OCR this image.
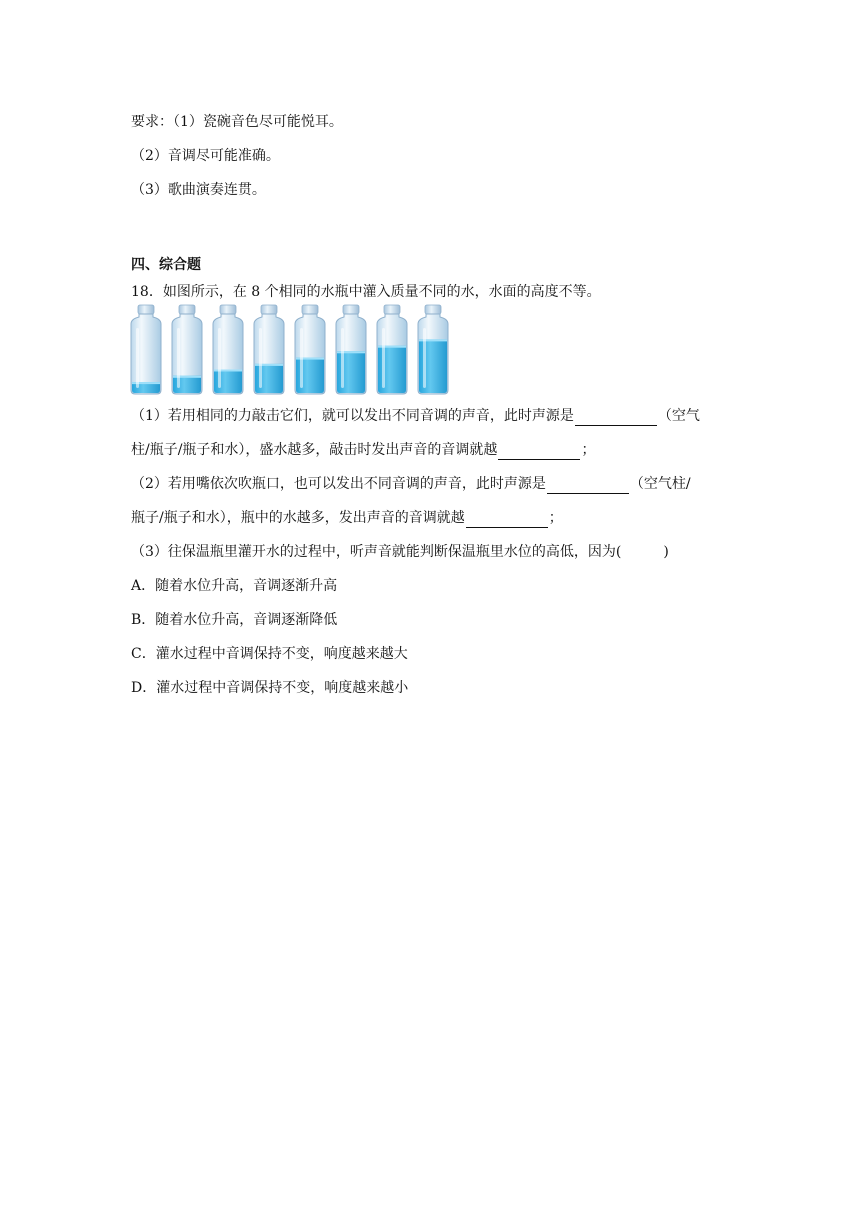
要求：（1）瓷碗音色尽可能悦耳。
（2）音调尽可能准确。
（3）歌曲演奏连贯。
四、综合题
18．如图所示，在 8 个相同的水瓶中灌入质量不同的水，水面的高度不等。
（1）若用相同的力敲击它们，就可以发出不同音调的声音，此时声源是	（空气
柱/瓶子/瓶子和水），盛水越多，敲击时发出声音的音调就越	；
（2）若用嘴依次吹瓶口，也可以发出不同音调的声音，此时声源是	（空气柱/
瓶子/瓶子和水），瓶中的水越多，发出声音的音调就越	；
（3）往保温瓶里灌开水的过程中，听声音就能判断保温瓶里水位的高低，因为(	)
A．随着水位升高，音调逐渐升高
B．随着水位升高，音调逐渐降低
C．灌水过程中音调保持不变，响度越来越大
D．灌水过程中音调保持不变，响度越来越小
